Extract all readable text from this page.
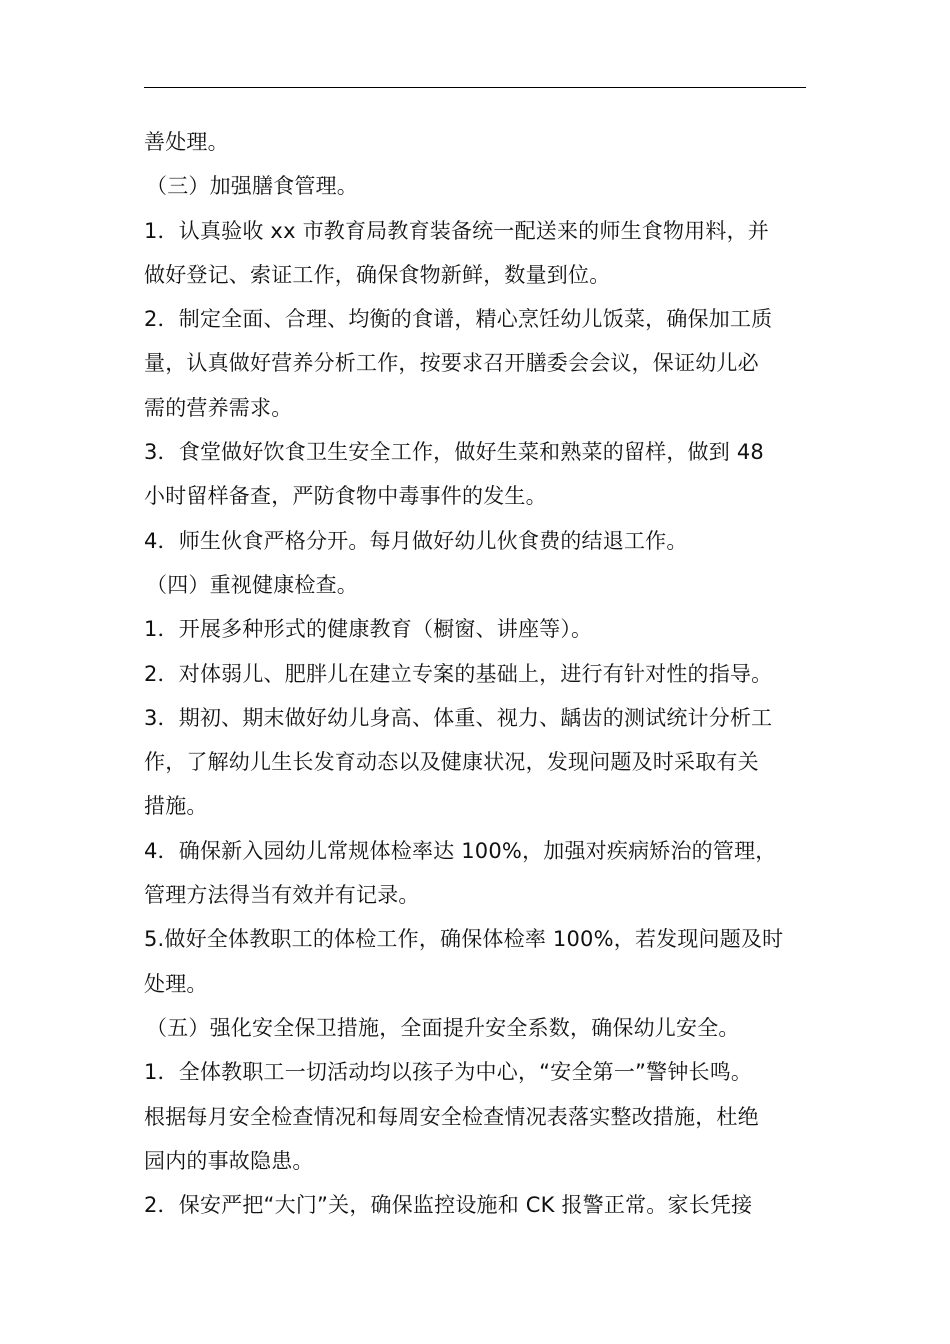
善处理。
（三）加强膳食管理。
1．认真验收 xx 市教育局教育装备统一配送来的师生食物用料，并
做好登记、索证工作，确保食物新鲜，数量到位。
2．制定全面、合理、均衡的食谱，精心烹饪幼儿饭菜，确保加工质
量，认真做好营养分析工作，按要求召开膳委会会议，保证幼儿必
需的营养需求。
3．食堂做好饮食卫生安全工作，做好生菜和熟菜的留样，做到 48
小时留样备查，严防食物中毒事件的发生。
4．师生伙食严格分开。每月做好幼儿伙食费的结退工作。
（四）重视健康检查。
1．开展多种形式的健康教育（橱窗、讲座等）。
2．对体弱儿、肥胖儿在建立专案的基础上，进行有针对性的指导。
3．期初、期末做好幼儿身高、体重、视力、龋齿的测试统计分析工
作，了解幼儿生长发育动态以及健康状况，发现问题及时采取有关
措施。
4．确保新入园幼儿常规体检率达 100%，加强对疾病矫治的管理，
管理方法得当有效并有记录。
5.做好全体教职工的体检工作，确保体检率 100%，若发现问题及时
处理。
（五）强化安全保卫措施，全面提升安全系数，确保幼儿安全。
1．全体教职工一切活动均以孩子为中心，“安全第一”警钟长鸣。
根据每月安全检查情况和每周安全检查情况表落实整改措施，杜绝
园内的事故隐患。
2．保安严把“大门”关，确保监控设施和 CK 报警正常。家长凭接
